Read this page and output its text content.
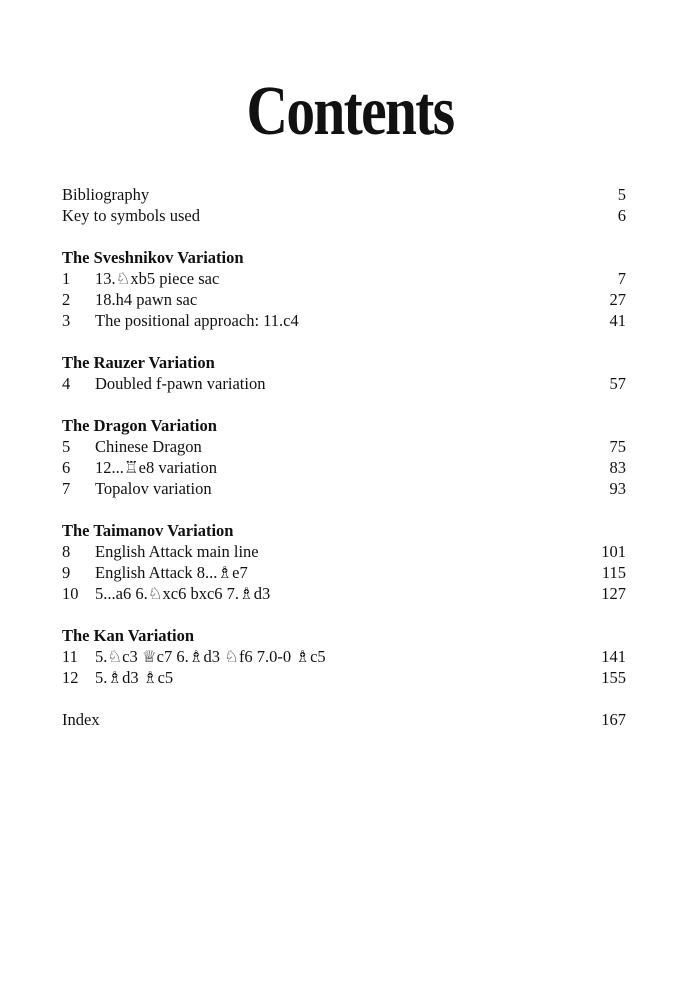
Contents
Bibliography	5
Key to symbols used	6
The Sveshnikov Variation
1	13.♘xb5 piece sac	7
2	18.h4 pawn sac	27
3	The positional approach: 11.c4	41
The Rauzer Variation
4	Doubled f-pawn variation	57
The Dragon Variation
5	Chinese Dragon	75
6	12...♖e8 variation	83
7	Topalov variation	93
The Taimanov Variation
8	English Attack main line	101
9	English Attack 8...♗e7	115
10	5...a6 6.♘xc6 bxc6 7.♗d3	127
The Kan Variation
11	5.♘c3 ♕c7 6.♗d3 ♘f6 7.0-0 ♗c5	141
12	5.♗d3 ♗c5	155
Index	167
